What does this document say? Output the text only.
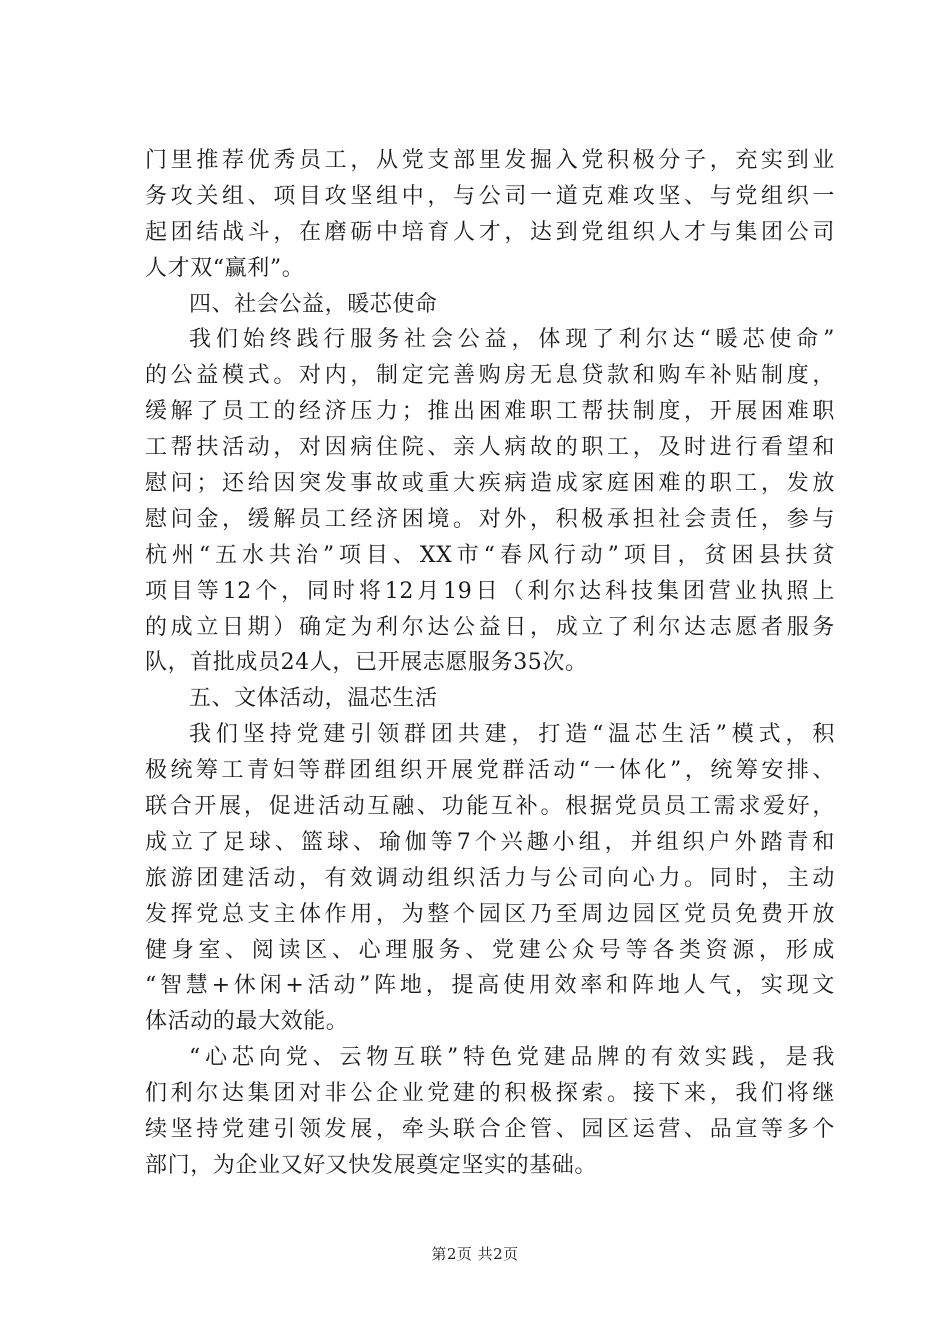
门里推荐优秀员工，从党支部里发掘入党积极分子，充实到业
务攻关组、项目攻坚组中，与公司一道克难攻坚、与党组织一
起团结战斗，在磨砺中培育人才，达到党组织人才与集团公司
人才双“赢利”。
四、社会公益，暖芯使命
我们始终践行服务社会公益，体现了利尔达“暖芯使命”
的公益模式。对内，制定完善购房无息贷款和购车补贴制度，
缓解了员工的经济压力；推出困难职工帮扶制度，开展困难职
工帮扶活动，对因病住院、亲人病故的职工，及时进行看望和
慰问；还给因突发事故或重大疾病造成家庭困难的职工，发放
慰问金，缓解员工经济困境。对外，积极承担社会责任，参与
杭州“五水共治”项目、XX市“春风行动”项目，贫困县扶贫
项目等12个，同时将12月19日（利尔达科技集团营业执照上
的成立日期）确定为利尔达公益日，成立了利尔达志愿者服务
队，首批成员24人，已开展志愿服务35次。
五、文体活动，温芯生活
我们坚持党建引领群团共建，打造“温芯生活”模式，积
极统筹工青妇等群团组织开展党群活动“一体化”，统筹安排、
联合开展，促进活动互融、功能互补。根据党员员工需求爱好，
成立了足球、篮球、瑜伽等7个兴趣小组，并组织户外踏青和
旅游团建活动，有效调动组织活力与公司向心力。同时，主动
发挥党总支主体作用，为整个园区乃至周边园区党员免费开放
健身室、阅读区、心理服务、党建公众号等各类资源，形成
“智慧+休闲+活动”阵地，提高使用效率和阵地人气，实现文
体活动的最大效能。
“心芯向党、云物互联”特色党建品牌的有效实践，是我
们利尔达集团对非公企业党建的积极探索。接下来，我们将继
续坚持党建引领发展，牵头联合企管、园区运营、品宣等多个
部门，为企业又好又快发展奠定坚实的基础。
第2页 共2页
